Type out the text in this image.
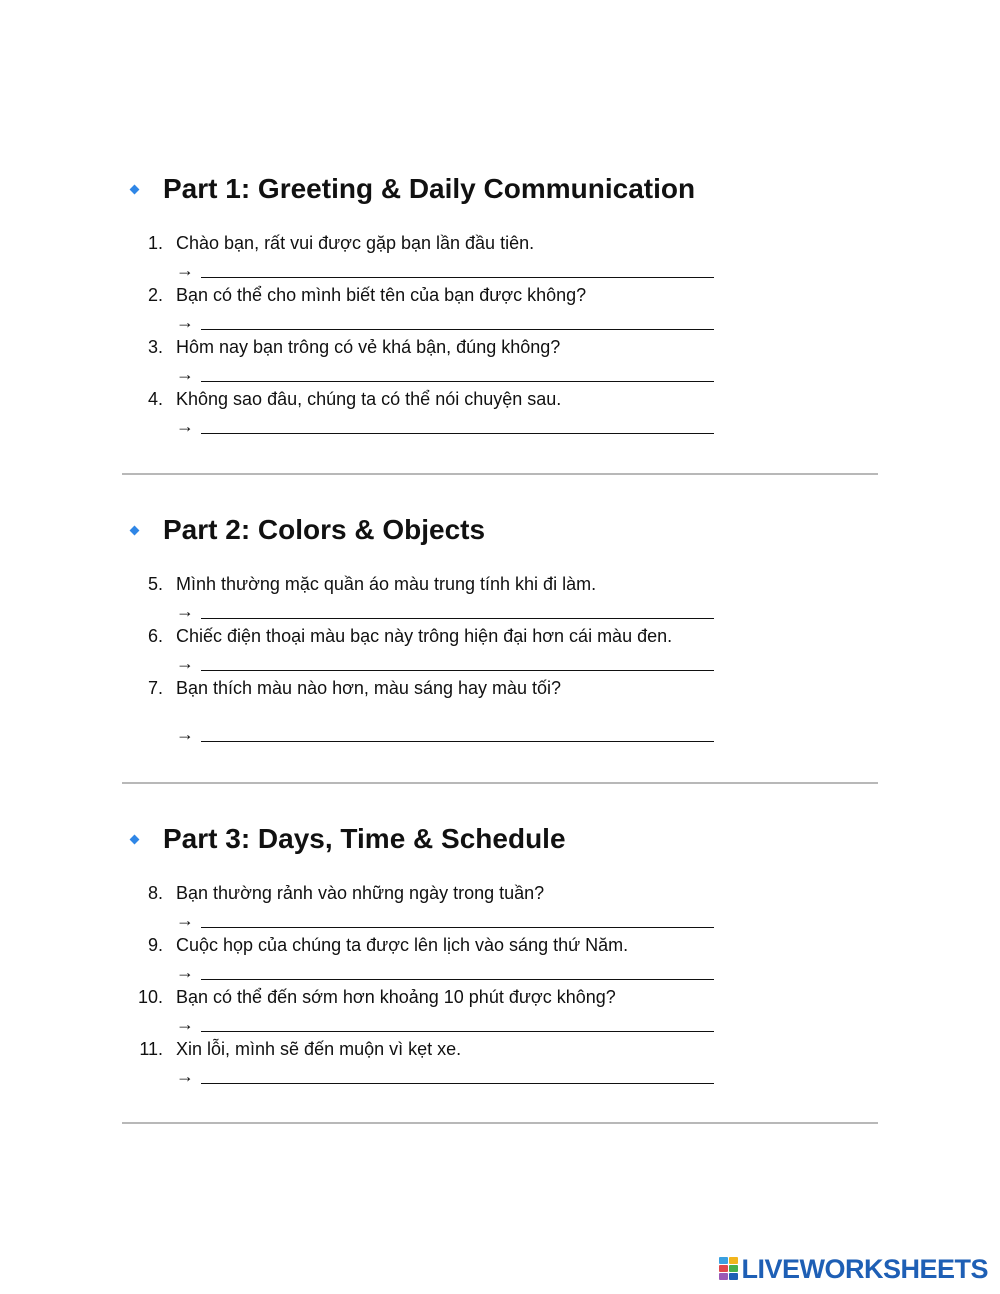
Part 1: Greeting & Daily Communication
1. Chào bạn, rất vui được gặp bạn lần đầu tiên.
→
2. Bạn có thể cho mình biết tên của bạn được không?
→
3. Hôm nay bạn trông có vẻ khá bận, đúng không?
→
4. Không sao đâu, chúng ta có thể nói chuyện sau.
→
Part 2: Colors & Objects
5. Mình thường mặc quần áo màu trung tính khi đi làm.
→
6. Chiếc điện thoại màu bạc này trông hiện đại hơn cái màu đen.
→
7. Bạn thích màu nào hơn, màu sáng hay màu tối?
→
Part 3: Days, Time & Schedule
8. Bạn thường rảnh vào những ngày trong tuần?
→
9. Cuộc họp của chúng ta được lên lịch vào sáng thứ Năm.
→
10. Bạn có thể đến sớm hơn khoảng 10 phút được không?
→
11. Xin lỗi, mình sẽ đến muộn vì kẹt xe.
→
LIVEWORKSHEETS
